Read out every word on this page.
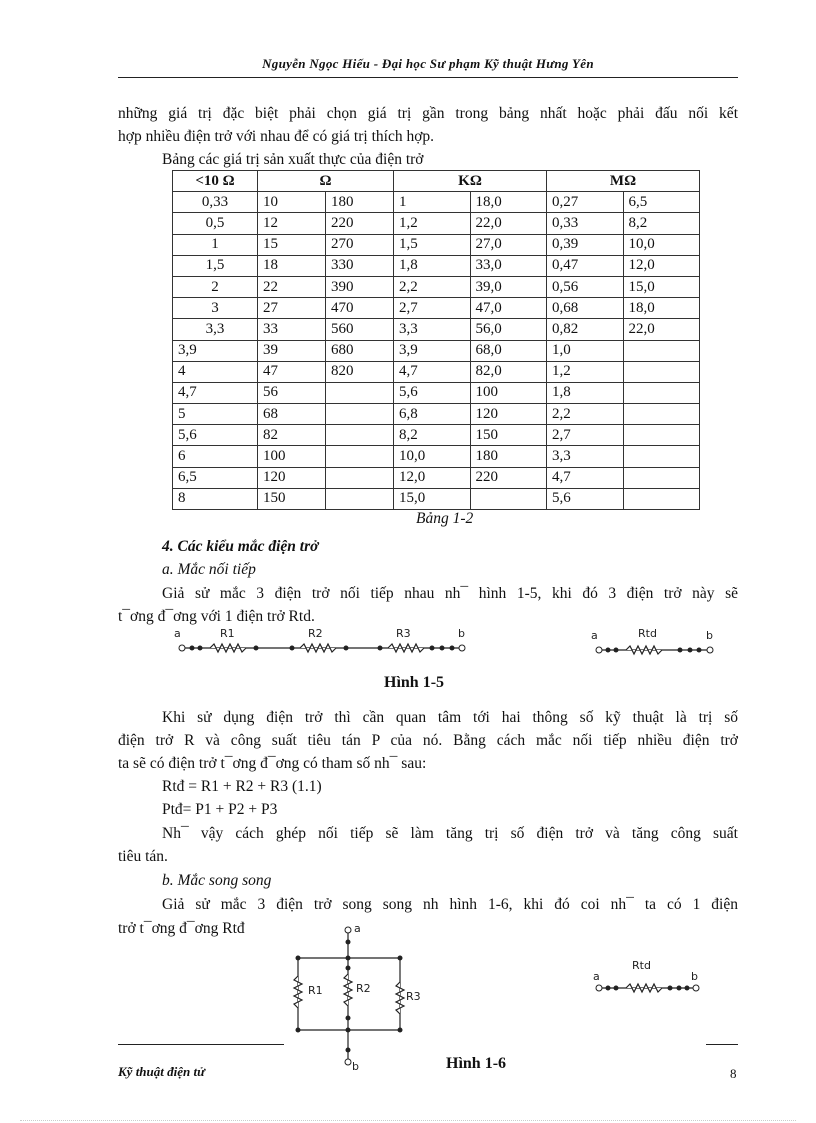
Nguyễn Ngọc Hiếu - Đại học Sư phạm Kỹ thuật Hưng Yên
những giá trị đặc biệt phải chọn giá trị gần trong bảng nhất hoặc phải đấu nối kết
hợp nhiều điện trở với nhau để có giá trị thích hợp.
Bảng các giá trị sản xuất thực của điện trở
<10 Ω	Ω		KΩ		MΩ	
0,33	10	180	1	18,0	0,27	6,5
0,5	12	220	1,2	22,0	0,33	8,2
1	15	270	1,5	27,0	0,39	10,0
1,5	18	330	1,8	33,0	0,47	12,0
2	22	390	2,2	39,0	0,56	15,0
3	27	470	2,7	47,0	0,68	18,0
3,3	33	560	3,3	56,0	0,82	22,0
3,9	39	680	3,9	68,0	1,0	
4	47	820	4,7	82,0	1,2	
4,7	56		5,6	100	1,8	
5	68		6,8	120	2,2	
5,6	82		8,2	150	2,7	
6	100		10,0	180	3,3	
6,5	120		12,0	220	4,7	
8	150		15,0		5,6	
Bảng 1-2
4. Các kiểu mắc điện trở
a. Mắc nối tiếp
Giả sử mắc 3 điện trở nối tiếp nhau nh¯ hình 1-5, khi đó 3 điện trở này sẽ
t¯ơng đ¯ơng với 1 điện trở Rtd.
a	R1	R2	R3	b	a	Rtd	b
Hình 1-5
Khi sử dụng điện trở thì cần quan tâm tới hai thông số kỹ thuật là trị số
điện trở R và công suất tiêu tán P của nó. Bằng cách mắc nối tiếp nhiều điện trở
ta sẽ có điện trở t¯ơng đ¯ơng có tham số nh¯ sau:
Rtđ = R1 + R2 + R3 (1.1)
Ptđ= P1 + P2 + P3
Nh¯ vậy cách ghép nối tiếp sẽ làm tăng trị số điện trở và tăng công suất
tiêu tán.
b. Mắc song song
Giả sử mắc 3 điện trở song song nh hình 1-6, khi đó coi nh¯ ta có 1 điện
trở t¯ơng đ¯ơng Rtđ	a
R1	R2
R3
b
a
Rtd
b
Hình 1-6
Kỹ thuật điện tử	8
